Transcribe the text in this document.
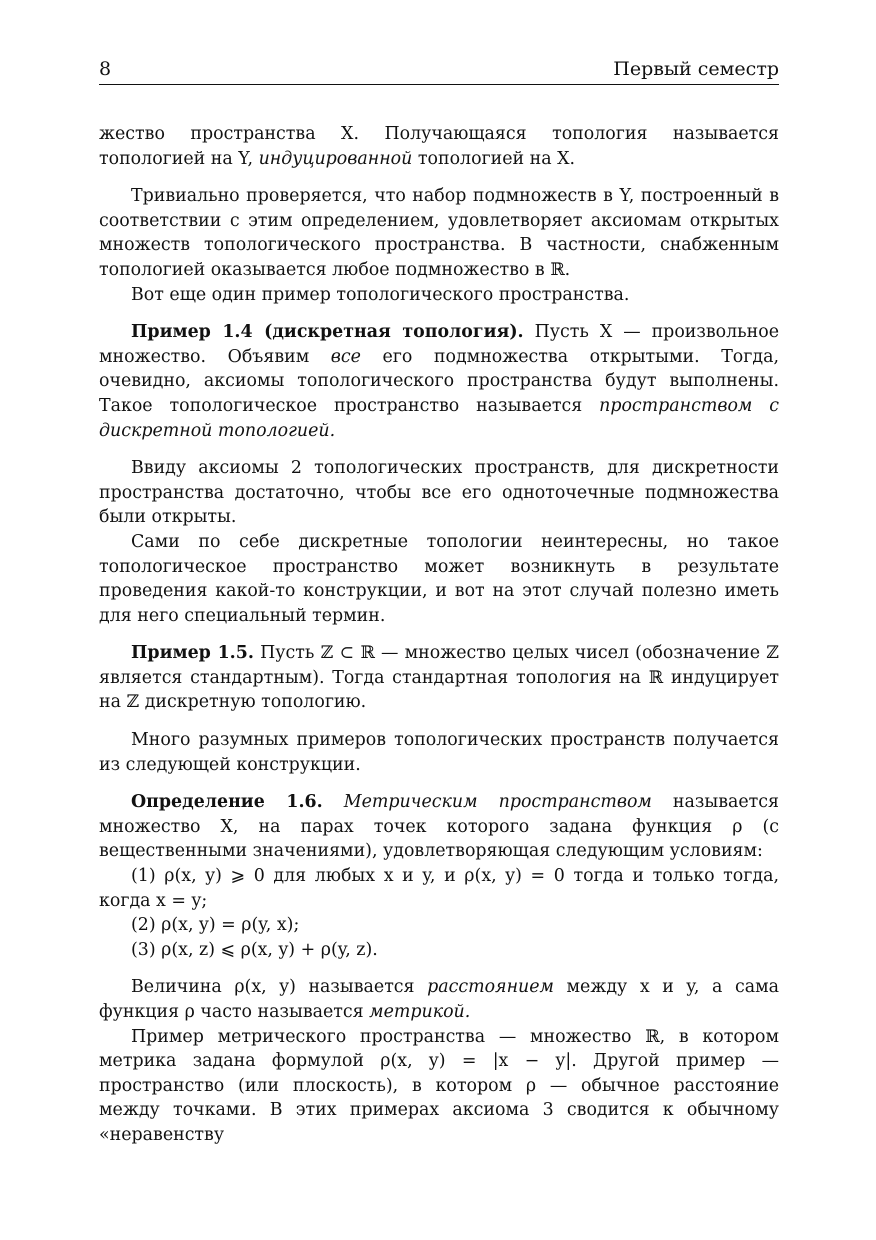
8	Первый семестр

жество пространства X. Получающаяся топология называется топологией на Y, индуцированной топологией на X.

Тривиально проверяется, что набор подмножеств в Y, построенный в соответствии с этим определением, удовлетворяет аксиомам открытых множеств топологического пространства. В частности, снабженным топологией оказывается любое подмножество в ℝ.

Вот еще один пример топологического пространства.

Пример 1.4 (дискретная топология). Пусть X — произвольное множество. Объявим все его подмножества открытыми. Тогда, очевидно, аксиомы топологического пространства будут выполнены. Такое топологическое пространство называется пространством с дискретной топологией.

Ввиду аксиомы 2 топологических пространств, для дискретности пространства достаточно, чтобы все его одноточечные подмножества были открыты.

Сами по себе дискретные топологии неинтересны, но такое топологическое пространство может возникнуть в результате проведения какой-то конструкции, и вот на этот случай полезно иметь для него специальный термин.

Пример 1.5. Пусть ℤ ⊂ ℝ — множество целых чисел (обозначение ℤ является стандартным). Тогда стандартная топология на ℝ индуцирует на ℤ дискретную топологию.

Много разумных примеров топологических пространств получается из следующей конструкции.

Определение 1.6. Метрическим пространством называется множество X, на парах точек которого задана функция ρ (с вещественными значениями), удовлетворяющая следующим условиям:

(1) ρ(x, y) ⩾ 0 для любых x и y, и ρ(x, y) = 0 тогда и только тогда, когда x = y;

(2) ρ(x, y) = ρ(y, x);

(3) ρ(x, z) ⩽ ρ(x, y) + ρ(y, z).

Величина ρ(x, y) называется расстоянием между x и y, а сама функция ρ часто называется метрикой.

Пример метрического пространства — множество ℝ, в котором метрика задана формулой ρ(x, y) = |x − y|. Другой пример — пространство (или плоскость), в котором ρ — обычное расстояние между точками. В этих примерах аксиома 3 сводится к обычному «неравенству
